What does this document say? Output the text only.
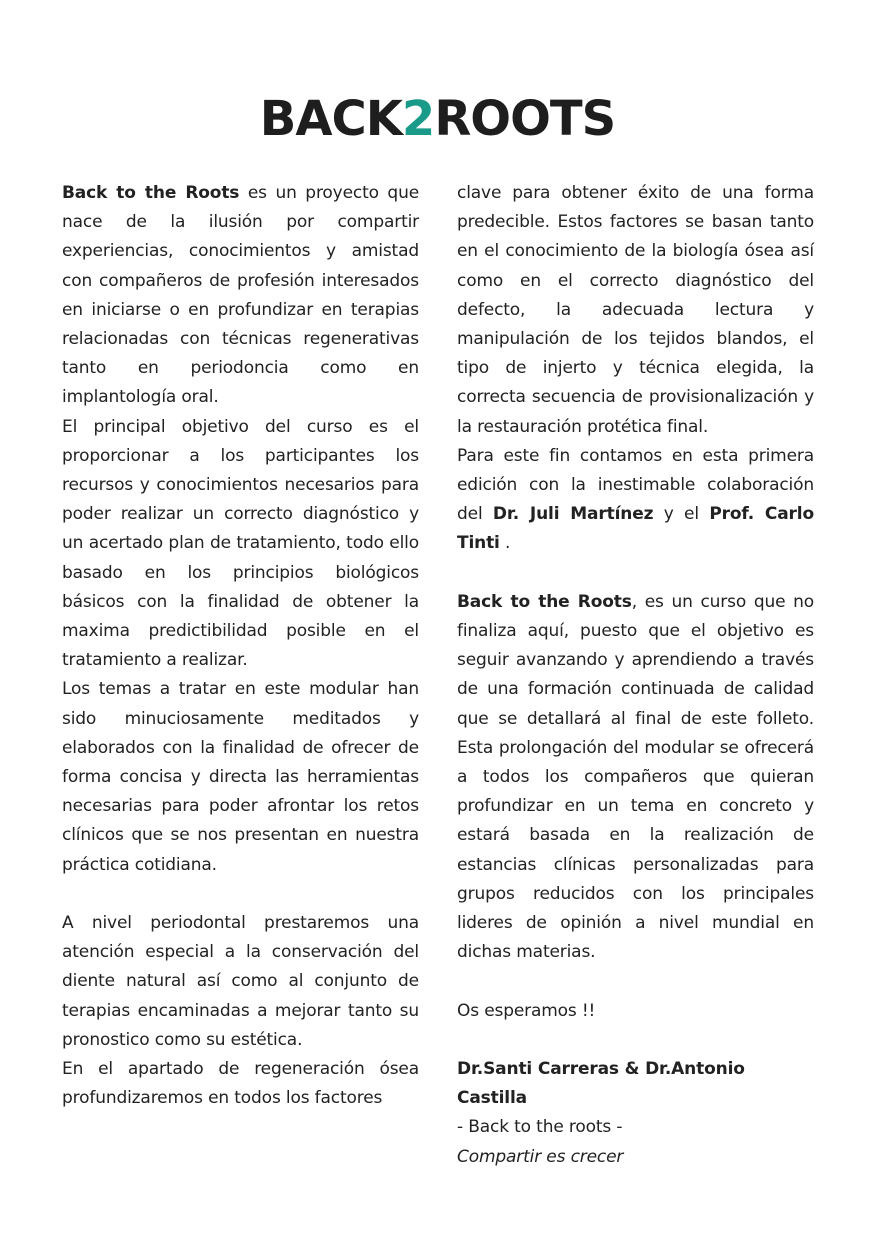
BACK2ROOTS

Back to the Roots es un proyecto que nace de la ilusión por compartir experiencias, conocimientos y amistad con compañeros de profesión interesados en iniciarse o en profundizar en terapias relacionadas con técnicas regenerativas tanto en periodoncia como en implantología oral.

El principal objetivo del curso es el proporcionar a los participantes los recursos y conocimientos necesarios para poder realizar un correcto diagnóstico y un acertado plan de tratamiento, todo ello basado en los principios biológicos básicos con la finalidad de obtener la maxima predictibilidad posible en el tratamiento a realizar.

Los temas a tratar en este modular han sido minuciosamente meditados y elaborados con la finalidad de ofrecer de forma concisa y directa las herramientas necesarias para poder afrontar los retos clínicos que se nos presentan en nuestra práctica cotidiana.

A nivel periodontal prestaremos una atención especial a la conservación del diente natural así como al conjunto de terapias encaminadas a mejorar tanto su pronostico como su estética.

En el apartado de regeneración ósea profundizaremos en todos los factores

clave para obtener éxito de una forma predecible. Estos factores se basan tanto en el conocimiento de la biología ósea así como en el correcto diagnóstico del defecto, la adecuada lectura y manipulación de los tejidos blandos, el tipo de injerto y técnica elegida, la correcta secuencia de provisionalización y la restauración protética final.

Para este fin contamos en esta primera edición con la inestimable colaboración del Dr. Juli Martínez y el Prof. Carlo Tinti .

Back to the Roots, es un curso que no finaliza aquí, puesto que el objetivo es seguir avanzando y aprendiendo a través de una formación continuada de calidad que se detallará al final de este folleto. Esta prolongación del modular se ofrecerá a todos los compañeros que quieran profundizar en un tema en concreto y estará basada en la realización de estancias clínicas personalizadas para grupos reducidos con los principales lideres de opinión a nivel mundial en dichas materias.

Os esperamos !!

Dr.Santi Carreras & Dr.Antonio Castilla

- Back to the roots -

Compartir es crecer
